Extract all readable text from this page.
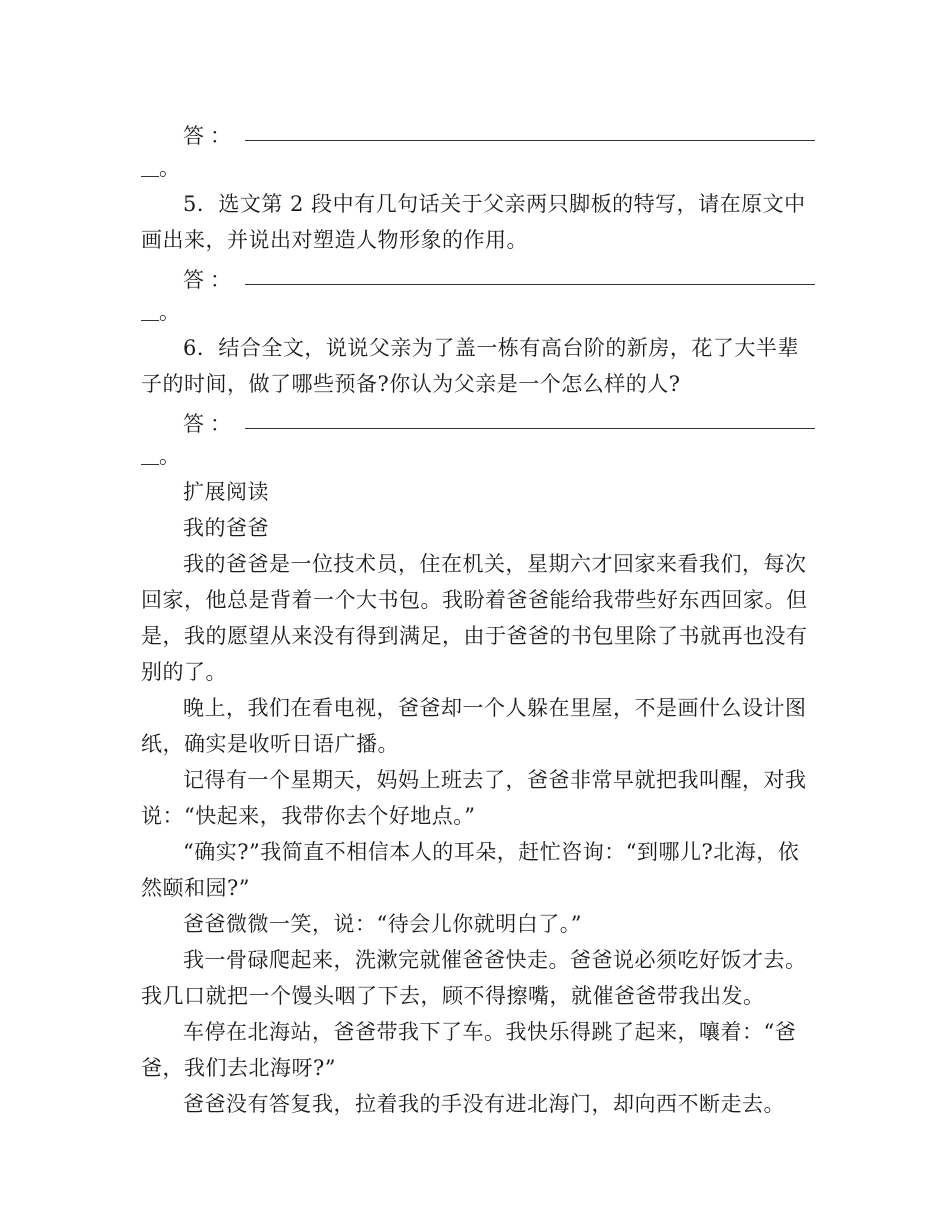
答：
。

5．选文第 2 段中有几句话关于父亲两只脚板的特写，请在原文中

画出来，并说出对塑造人物形象的作用。

答：
。

6．结合全文，说说父亲为了盖一栋有高台阶的新房，花了大半辈

子的时间，做了哪些预备?你认为父亲是一个怎么样的人?

答：
。

扩展阅读

我的爸爸

我的爸爸是一位技术员，住在机关，星期六才回家来看我们，每次回家，他总是背着一个大书包。我盼着爸爸能给我带些好东西回家。但是，我的愿望从来没有得到满足，由于爸爸的书包里除了书就再也没有别的了。

晚上，我们在看电视，爸爸却一个人躲在里屋，不是画什么设计图纸，确实是收听日语广播。

记得有一个星期天，妈妈上班去了，爸爸非常早就把我叫醒，对我说：“快起来，我带你去个好地点。”

“确实?”我简直不相信本人的耳朵，赶忙咨询：“到哪儿?北海，依然颐和园?”

爸爸微微一笑，说：“待会儿你就明白了。”

我一骨碌爬起来，洗漱完就催爸爸快走。爸爸说必须吃好饭才去。我几口就把一个馒头咽了下去，顾不得擦嘴，就催爸爸带我出发。

车停在北海站，爸爸带我下了车。我快乐得跳了起来，嚷着：“爸爸，我们去北海呀?”

爸爸没有答复我，拉着我的手没有进北海门，却向西不断走去。
